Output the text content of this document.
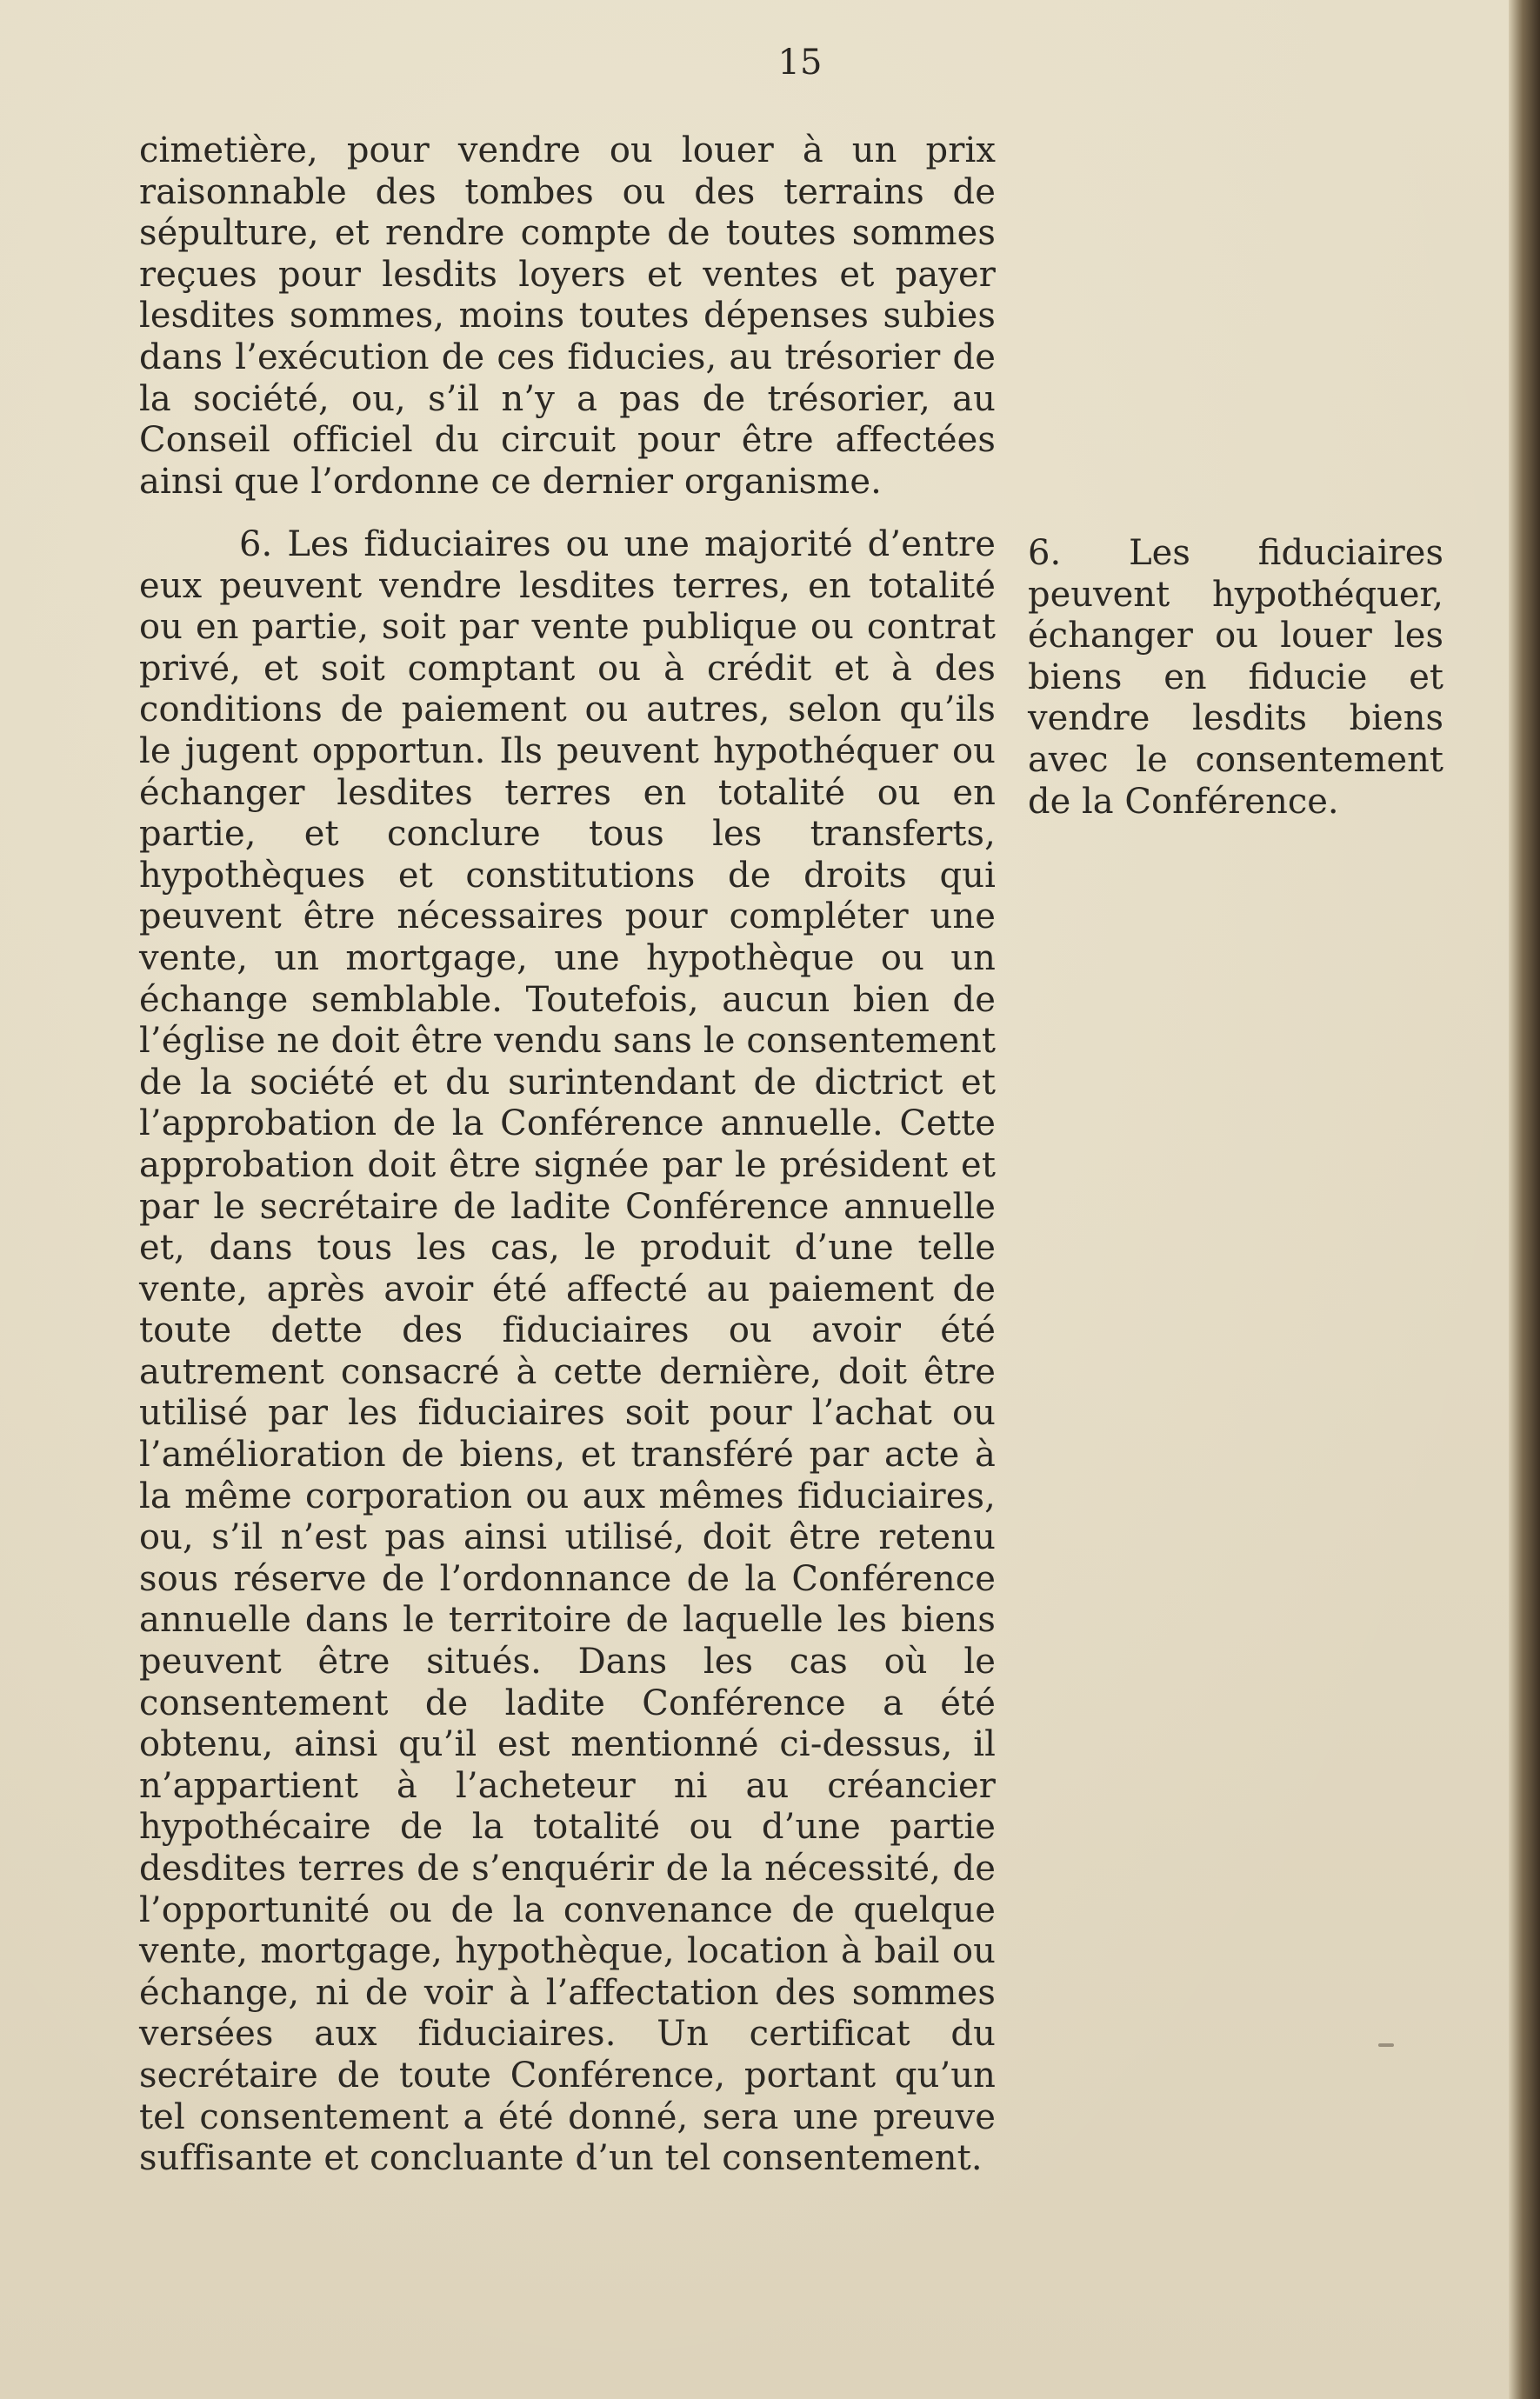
15

cimetière, pour vendre ou louer à un prix raisonnable des tombes ou des terrains de sépulture, et rendre compte de toutes sommes reçues pour lesdits loyers et ventes et payer lesdites sommes, moins toutes dépenses subies dans l’exécution de ces fiducies, au trésorier de la société, ou, s’il n’y a pas de trésorier, au Conseil officiel du circuit pour être affectées ainsi que l’ordonne ce dernier organisme.

6. Les fiduciaires ou une majorité d’entre eux peuvent vendre lesdites terres, en totalité ou en partie, soit par vente publique ou contrat privé, et soit comptant ou à crédit et à des conditions de paiement ou autres, selon qu’ils le jugent opportun. Ils peuvent hypothéquer ou échanger lesdites terres en totalité ou en partie, et conclure tous les transferts, hypothèques et constitutions de droits qui peuvent être nécessaires pour compléter une vente, un mortgage, une hypothèque ou un échange semblable. Toutefois, aucun bien de l’église ne doit être vendu sans le consentement de la société et du surintendant de dictrict et l’approbation de la Conférence annuelle. Cette approbation doit être signée par le président et par le secrétaire de ladite Conférence annuelle et, dans tous les cas, le produit d’une telle vente, après avoir été affecté au paiement de toute dette des fiduciaires ou avoir été autrement consacré à cette dernière, doit être utilisé par les fiduciaires soit pour l’achat ou l’amélioration de biens, et transféré par acte à la même corporation ou aux mêmes fiduciaires, ou, s’il n’est pas ainsi utilisé, doit être retenu sous réserve de l’ordonnance de la Conférence annuelle dans le territoire de laquelle les biens peuvent être situés. Dans les cas où le consentement de ladite Conférence a été obtenu, ainsi qu’il est mentionné ci-dessus, il n’appartient à l’acheteur ni au créancier hypothécaire de la totalité ou d’une partie desdites terres de s’enquérir de la nécessité, de l’opportunité ou de la convenance de quelque vente, mortgage, hypothèque, location à bail ou échange, ni de voir à l’affectation des sommes versées aux fiduciaires. Un certificat du secrétaire de toute Conférence, portant qu’un tel consentement a été donné, sera une preuve suffisante et concluante d’un tel consentement.

6. Les fiduciaires peuvent hypothéquer, échanger ou louer les biens en fiducie et vendre lesdits biens avec le consentement de la Conférence.
